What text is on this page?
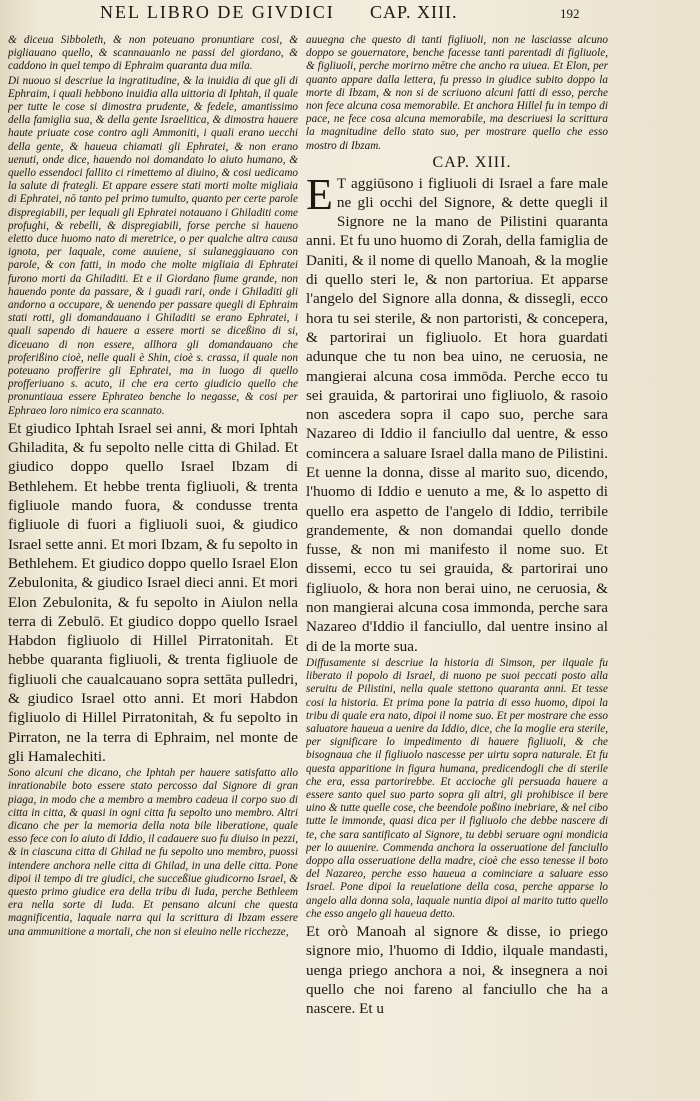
NEL LIBRO DE GIVDICI CAP. XIII.	192

& diceua Sibboleth, & non poteuano pronuntiare cosi, & pigliauano quello, & scannauanlo ne passi del giordano, & caddono in quel tempo di Ephraim quaranta dua mila.

Di nuouo si descriue la ingratitudine, & la inuidia di que gli di Ephraim, i quali hebbono inuidia alla uittoria di Iphtah, il quale per tutte le cose si dimostra prudente, & fedele, amantissimo della famiglia sua, & della gente Israelitica, & dimostra hauere haute priuate cose contro agli Ammoniti, i quali erano uecchi della gente, & haueua chiamati gli Ephratei, & non erano uenuti, onde dice, hauendo noi domandato lo aiuto humano, & quello essendoci fallito ci rimettemo al diuino, & cosi uedicamo la salute di frategli. Et appare essere stati morti molte migliaia di Ephratei, nō tanto pel primo tumulto, quanto per certe parole dispregiabili, per lequali gli Ephratei notauano i Ghiladiti come profughi, & rebelli, & dispregiabili, forse perche si haueno eletto duce huomo nato di meretrice, o per qualche altra causa ignota, per laquale, come auuiene, si sulaneggiauano con parole, & con fatti, in modo che molte migliaia di Ephratei furono morti da Ghiladiti. Et e il Giordano fiume grande, non hauendo ponte da passare, & i guadi rari, onde i Ghiladiti gli andorno a occupare, & uenendo per passare quegli di Ephraim stati rotti, gli domandauano i Ghiladiti se erano Ephratei, i quali sapendo di hauere a essere morti se diceßino di si, diceuano di non essere, allhora gli domandauano che proferißino cioè, nelle quali è Shin, cioè s. crassa, il quale non poteuano profferire gli Ephratei, ma in luogo di quello profferiuano s. acuto, il che era certo giudicio quello che pronuntiaua essere Ephrateo benche lo negasse, & cosi per Ephraeo loro nimico era scannato.

Et giudico Iphtah Israel sei anni, & mori Iphtah Ghiladita, & fu sepolto nelle citta di Ghilad. Et giudico doppo quello Israel Ibzam di Bethlehem. Et hebbe trenta figliuoli, & trenta figliuole mando fuora, & condusse trenta figliuole di fuori a figliuoli suoi, & giudico Israel sette anni. Et mori Ibzam, & fu sepolto in Bethlehem. Et giudico doppo quello Israel Elon Zebulonita, & giudico Israel dieci anni. Et mori Elon Zebulonita, & fu sepolto in Aiulon nella terra di Zebulō. Et giudico doppo quello Israel Habdon figliuolo di Hillel Pirratonitah. Et hebbe quaranta figliuoli, & trenta figliuole de figliuoli che caualcauano sopra settāta pulledri, & giudico Israel otto anni. Et mori Habdon figliuolo di Hillel Pirratonitah, & fu sepolto in Pirraton, ne la terra di Ephraim, nel monte de gli Hamalechiti.

Sono alcuni che dicano, che Iphtah per hauere satisfatto allo inrationabile boto essere stato percosso dal Signore di gran piaga, in modo che a membro a membro cadeua il corpo suo di citta in citta, & quasi in ogni citta fu sepolto uno membro. Altri dicano che per la memoria della nota bile liberatione, quale esso fece con lo aiuto di Iddio, il cadauere suo fu diuiso in pezzi, & in ciascuna citta di Ghilad ne fu sepolto uno membro, puossi intendere anchora nelle citta di Ghilad, in una delle citta. Pone dipoi il tempo di tre giudici, che succeßiue giudicorno Israel, & questo primo giudice era della tribu di Iuda, perche Bethleem era nella sorte di Iuda. Et pensano alcuni che questa magnificentia, laquale narra qui la scrittura di Ibzam essere una ammunitione a mortali, che non si eleuino nelle ricchezze,

auuegna che questo di tanti figliuoli, non ne lasciasse alcuno doppo se gouernatore, benche facesse tanti parentadi di figliuole, & figliuoli, perche morirno mētre che ancho ra uiuea. Et Elon, per quanto appare dalla lettera, fu presso in giudice subito doppo la morte di Ibzam, & non si de scriuono alcuni fatti di esso, perche non fece alcuna cosa memorabile. Et anchora Hillel fu in tempo di pace, ne fece cosa alcuna memorabile, ma descriuesi la scrittura la magnitudine dello stato suo, per mostrare quello che esso mostro di Ibzam.

CAP. XIII.

E T aggiūsono i figliuoli di Israel a fare male ne gli occhi del Signore, & dette quegli il Signore ne la mano de Pilistini quaranta anni. Et fu uno huomo di Zorah, della famiglia de Daniti, & il nome di quello Manoah, & la moglie di quello steri le, & non partoriua. Et apparse l'angelo del Signore alla donna, & dissegli, ecco hora tu sei sterile, & non partoristi, & concepera, & partorirai un figliuolo. Et hora guardati adunque che tu non bea uino, ne ceruosia, ne mangierai alcuna cosa immōda. Perche ecco tu sei grauida, & partorirai uno figliuolo, & rasoio non ascedera sopra il capo suo, perche sara Nazareo di Iddio il fanciullo dal uentre, & esso comincera a saluare Israel dalla mano de Pilistini. Et uenne la donna, disse al marito suo, dicendo, l'huomo di Iddio e uenuto a me, & lo aspetto di quello era aspetto de l'angelo di Iddio, terribile grandemente, & non domandai quello donde fusse, & non mi manifesto il nome suo. Et dissemi, ecco tu sei grauida, & partorirai uno figliuolo, & hora non berai uino, ne ceruosia, & non mangierai alcuna cosa immonda, perche sara Nazareo d'Iddio il fanciullo, dal uentre insino al di de la morte sua.

Diffusamente si descriue la historia di Simson, per ilquale fu liberato il popolo di Israel, di nuono pe suoi peccati posto alla seruitu de Pilistini, nella quale stettono quaranta anni. Et tesse cosi la historia. Et prima pone la patria di esso huomo, dipoi la tribu di quale era nato, dipoi il nome suo. Et per mostrare che esso saluatore haueua a uenire da Iddio, dice, che la moglie era sterile, per significare lo impedimento di hauere figliuoli, & che bisognaua che il figliuolo nascesse per uirtu sopra naturale. Et fu questa apparitione in figura humana, predicendogli che di sterile che era, essa partorirebbe. Et accioche gli persuada hauere a essere santo quel suo parto sopra gli altri, gli prohibisce il bere uino & tutte quelle cose, che beendole poßino inebriare, & nel cibo tutte le immonde, quasi dica per il figliuolo che debbe nascere di te, che sara santificato al Signore, tu debbi seruare ogni mondicia per lo auuenire. Commenda anchora la osseruatione del fanciullo doppo alla osseruatione della madre, cioè che esso tenesse il boto del Nazareo, perche esso haueua a cominciare a saluare esso Israel. Pone dipoi la reuelatione della cosa, perche apparse lo angelo alla donna sola, laquale nuntia dipoi al marito tutto quello che esso angelo gli haueua detto.

Et orò Manoah al signore & disse, io priego signore mio, l'huomo di Iddio, ilquale mandasti, uenga priego anchora a noi, & insegnera a noi quello che noi fareno al fanciullo che ha a nascere. Et u
